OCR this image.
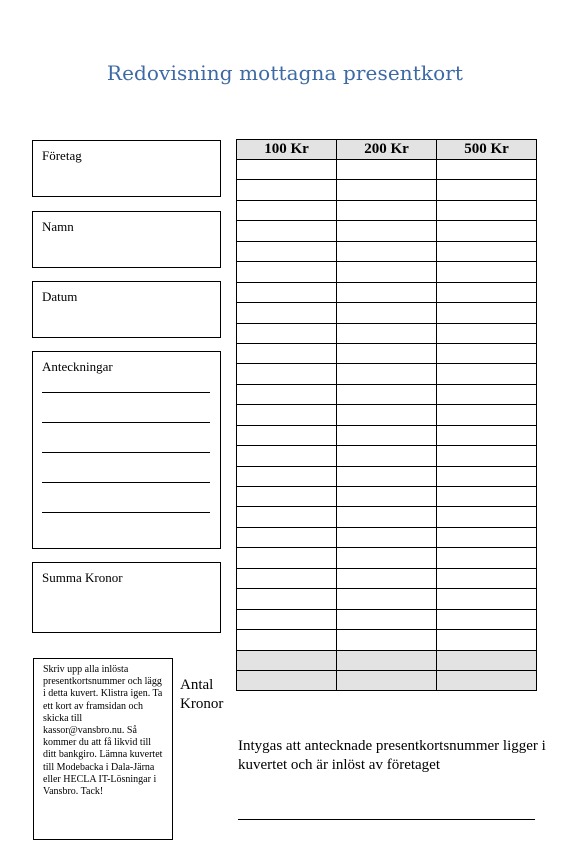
Redovisning mottagna presentkort
Företag
Namn
Datum
Anteckningar
Summa Kronor
100 Kr	200 Kr	500 Kr

Antal
Kronor
Skriv upp alla inlösta presentkortsnummer och lägg i detta kuvert. Klistra igen. Ta ett kort av framsidan och skicka till kassor@vansbro.nu. Så kommer du att få likvid till ditt bankgiro. Lämna kuvertet till Modebacka i Dala-Järna eller HECLA IT-Lösningar i Vansbro. Tack!
Intygas att antecknade presentkortsnummer ligger i kuvertet och är inlöst av företaget
